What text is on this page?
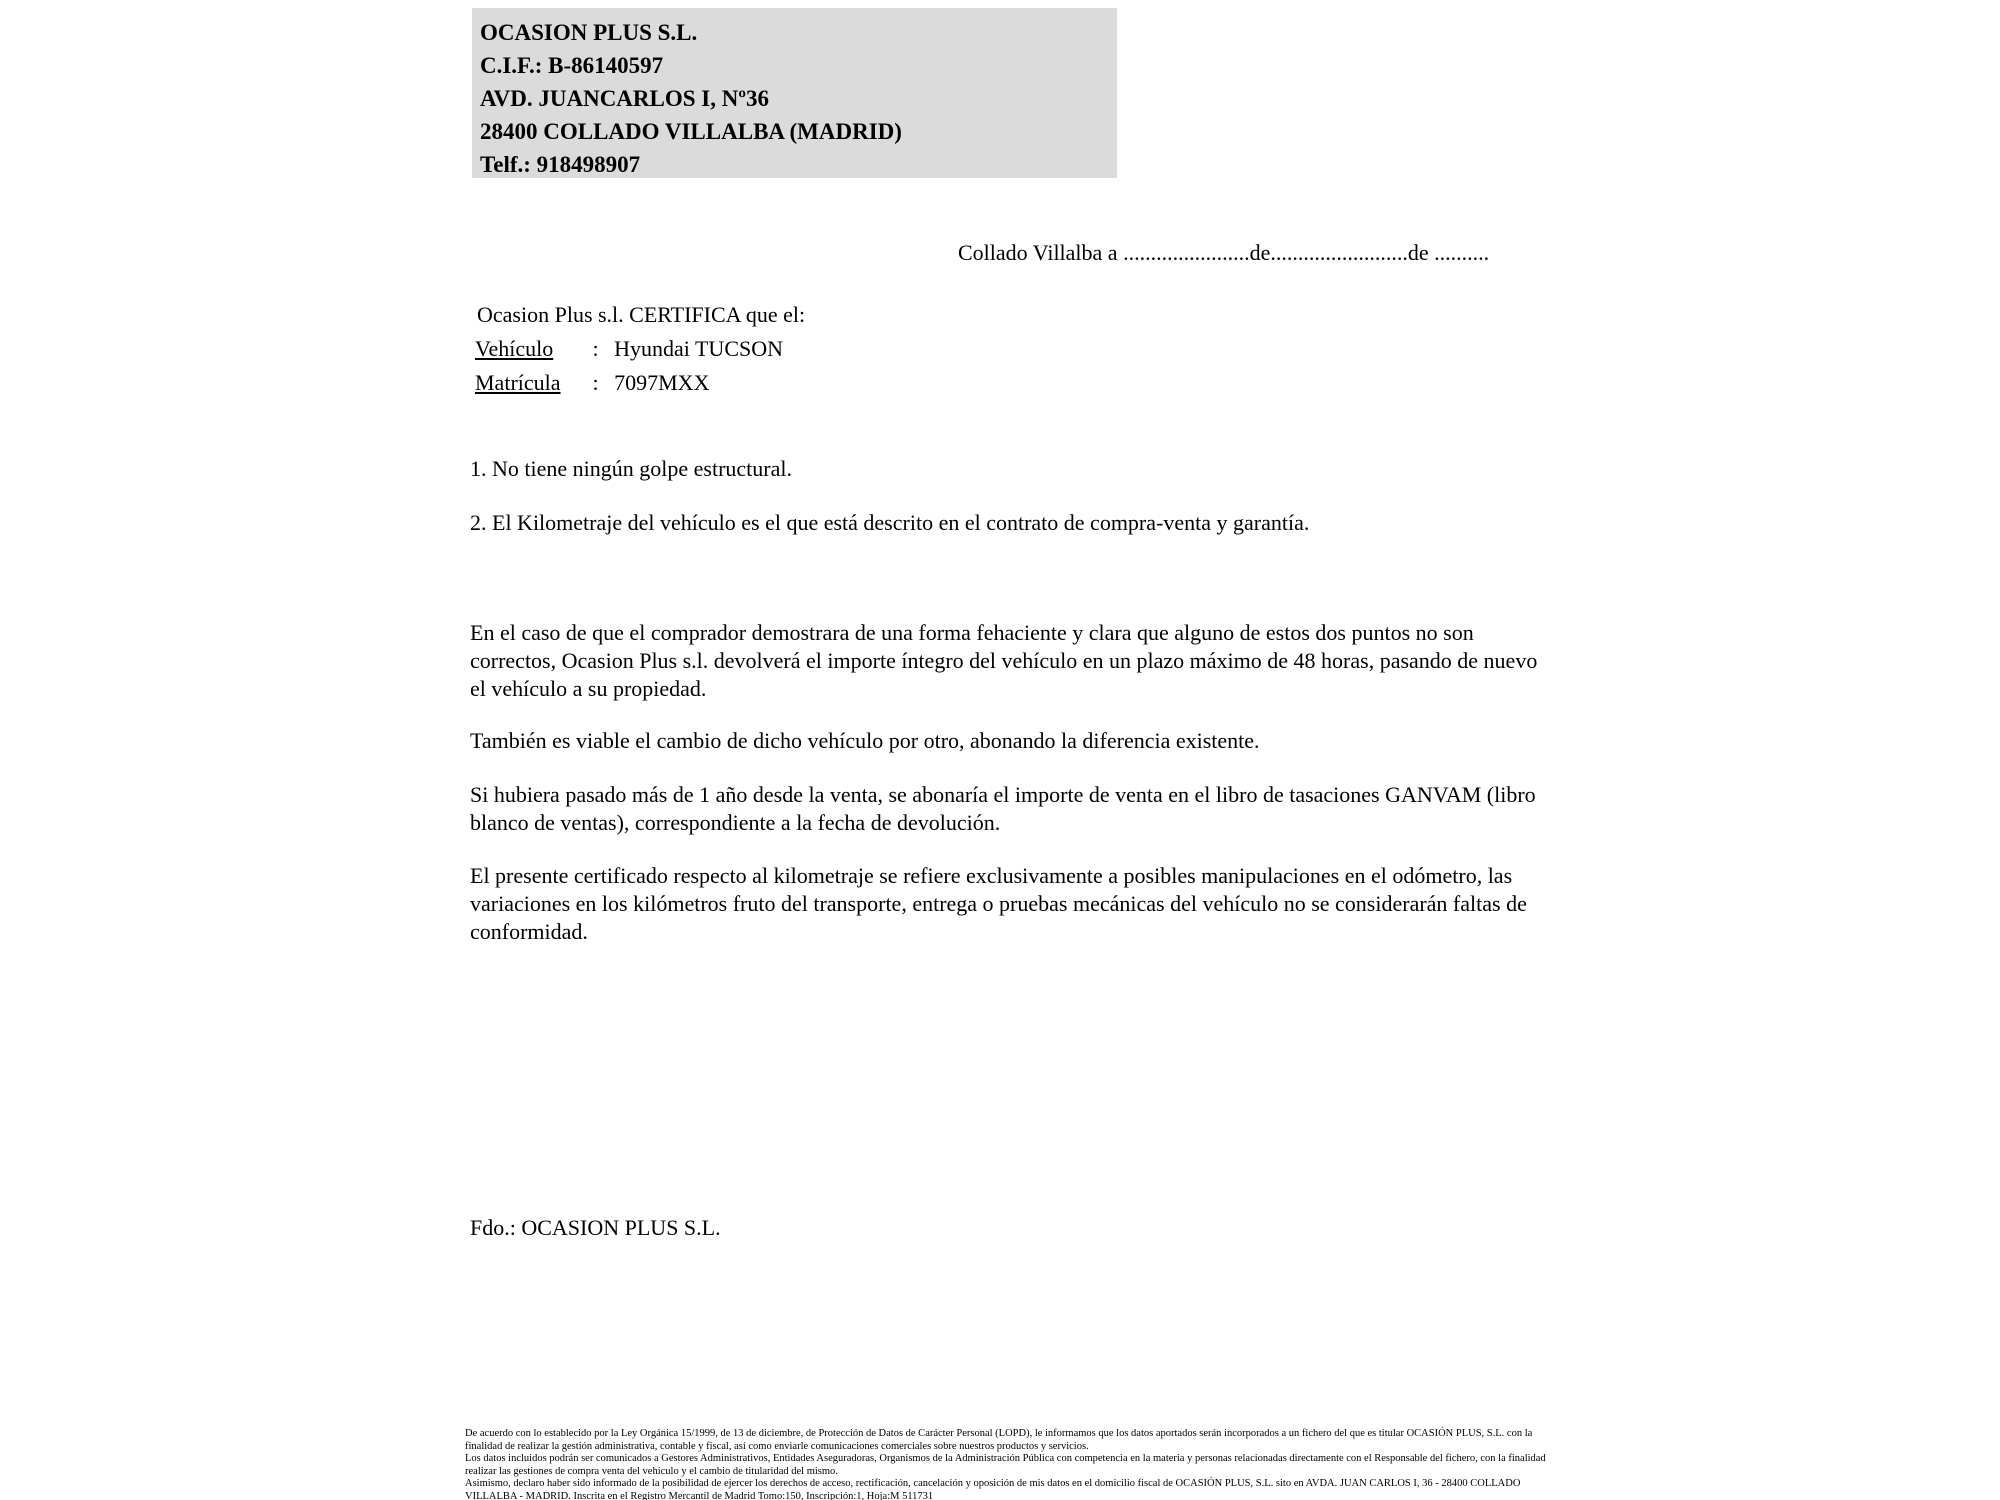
OCASION PLUS S.L.
C.I.F.: B-86140597
AVD. JUANCARLOS I, Nº36
28400 COLLADO VILLALBA (MADRID)
Telf.: 918498907
Collado Villalba a .......................de.........................de ..........
Ocasion Plus s.l. CERTIFICA que el:
Vehículo : Hyundai TUCSON
Matrícula : 7097MXX
1. No tiene ningún golpe estructural.
2. El Kilometraje del vehículo es el que está descrito en el contrato de compra-venta y garantía.
En el caso de que el comprador demostrara de una forma fehaciente y clara que alguno de estos dos puntos no son correctos, Ocasion Plus s.l. devolverá el importe íntegro del vehículo en un plazo máximo de 48 horas, pasando de nuevo el vehículo a su propiedad.
También es viable el cambio de dicho vehículo por otro, abonando la diferencia existente.
Si hubiera pasado más de 1 año desde la venta, se abonaría el importe de venta en el libro de tasaciones GANVAM (libro blanco de ventas), correspondiente a la fecha de devolución.
El presente certificado respecto al kilometraje se refiere exclusivamente a posibles manipulaciones en el odómetro, las variaciones en los kilómetros fruto del transporte, entrega o pruebas mecánicas del vehículo no se considerarán faltas de conformidad.
Fdo.: OCASION PLUS S.L.

De acuerdo con lo establecido por la Ley Orgánica 15/1999, de 13 de diciembre, de Protección de Datos de Carácter Personal (LOPD), le informamos que los datos aportados serán incorporados a un fichero del que es titular OCASIÓN PLUS, S.L. con la finalidad de realizar la gestión administrativa, contable y fiscal, así como enviarle comunicaciones comerciales sobre nuestros productos y servicios.

Los datos incluidos podrán ser comunicados a Gestores Administrativos, Entidades Aseguradoras, Organismos de la Administración Pública con competencia en la materia y personas relacionadas directamente con el Responsable del fichero, con la finalidad realizar las gestiones de compra venta del vehículo y el cambio de titularidad del mismo.

Asimismo, declaro haber sido informado de la posibilidad de ejercer los derechos de acceso, rectificación, cancelación y oposición de mis datos en el domicilio fiscal de OCASIÓN PLUS, S.L. sito en AVDA. JUAN CARLOS I, 36 - 28400 COLLADO VILLALBA - MADRID. Inscrita en el Registro Mercantil de Madrid Tomo:150, Inscripción:1, Hoja:M 511731
